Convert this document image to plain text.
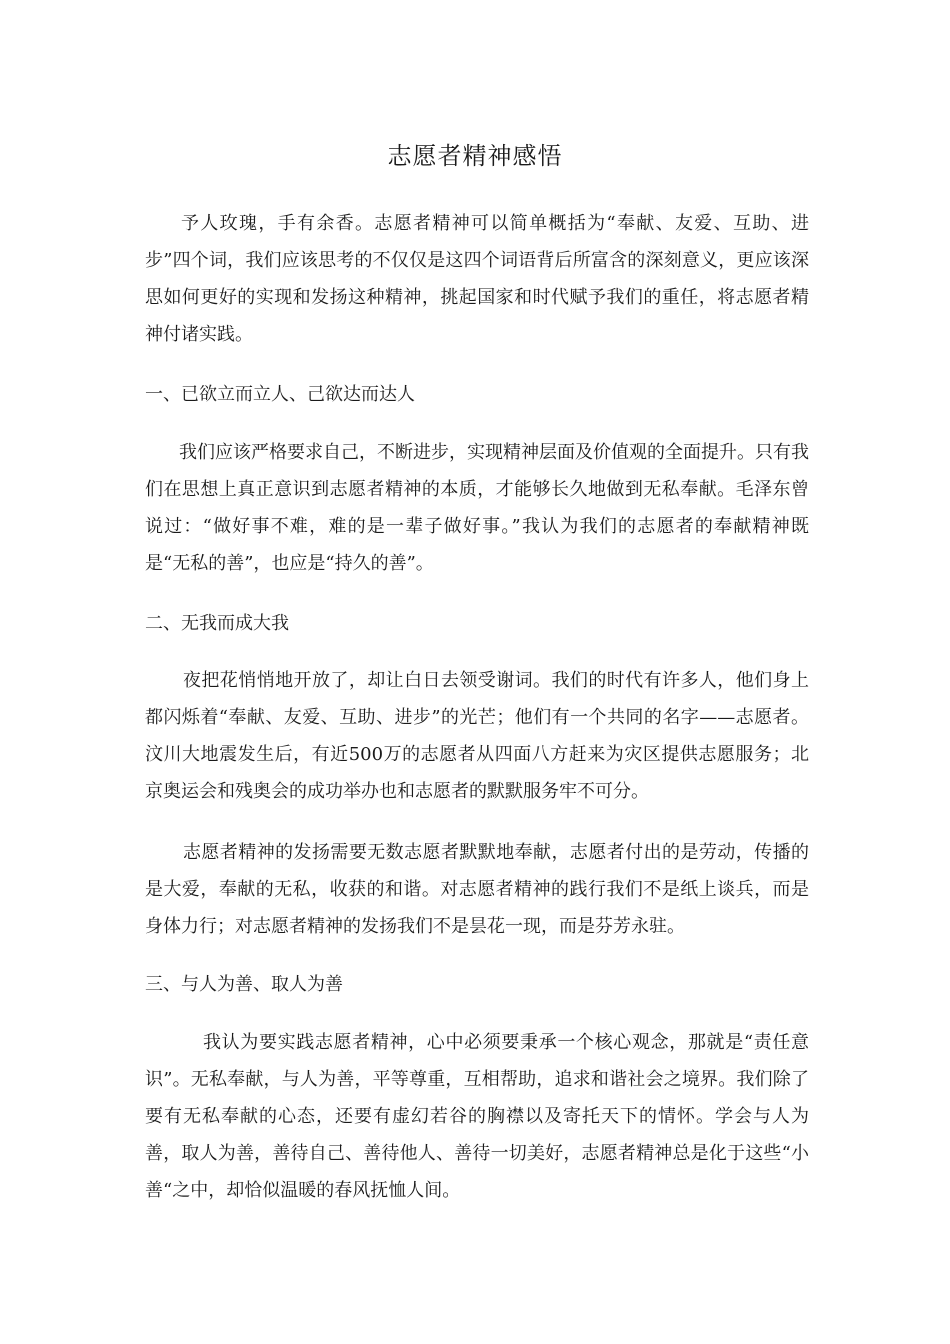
志愿者精神感悟
予人玫瑰，手有余香。志愿者精神可以简单概括为“奉献、友爱、互助、进步”四个词，我们应该思考的不仅仅是这四个词语背后所富含的深刻意义，更应该深思如何更好的实现和发扬这种精神，挑起国家和时代赋予我们的重任，将志愿者精神付诸实践。
一、已欲立而立人、己欲达而达人
我们应该严格要求自己，不断进步，实现精神层面及价值观的全面提升。只有我们在思想上真正意识到志愿者精神的本质，才能够长久地做到无私奉献。毛泽东曾说过：“做好事不难，难的是一辈子做好事。”我认为我们的志愿者的奉献精神既是“无私的善”，也应是“持久的善”。
二、无我而成大我
夜把花悄悄地开放了，却让白日去领受谢词。我们的时代有许多人，他们身上都闪烁着“奉献、友爱、互助、进步”的光芒；他们有一个共同的名字——志愿者。汶川大地震发生后，有近500万的志愿者从四面八方赶来为灾区提供志愿服务；北京奥运会和残奥会的成功举办也和志愿者的默默服务牢不可分。
志愿者精神的发扬需要无数志愿者默默地奉献，志愿者付出的是劳动，传播的是大爱，奉献的无私，收获的和谐。对志愿者精神的践行我们不是纸上谈兵，而是身体力行；对志愿者精神的发扬我们不是昙花一现，而是芬芳永驻。
三、与人为善、取人为善
我认为要实践志愿者精神，心中必须要秉承一个核心观念，那就是“责任意识”。无私奉献，与人为善，平等尊重，互相帮助，追求和谐社会之境界。我们除了要有无私奉献的心态，还要有虚幻若谷的胸襟以及寄托天下的情怀。学会与人为善，取人为善，善待自己、善待他人、善待一切美好，志愿者精神总是化于这些“小善“之中，却恰似温暖的春风抚恤人间。
